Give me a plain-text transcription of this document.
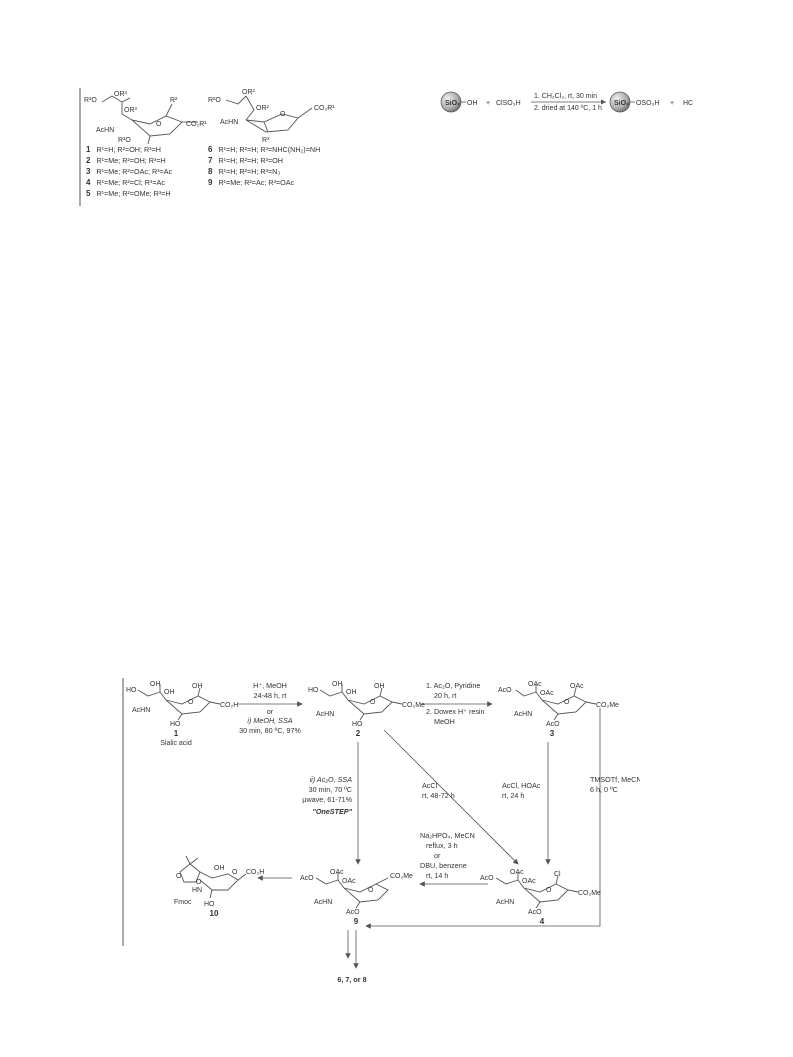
R³O
OR³
OR³
R²
AcHN
R³O
O	CO₂R¹
R²O
OR²
OR²	CO₂R¹
AcHN
O
R³
1 R¹=H; R²=OH; R³=H
2 R¹=Me; R²=OH; R³=H
3 R¹=Me; R²=OAc; R³=Ac
4 R¹=Me; R²=Cl; R³=Ac
5 R¹=Me; R²=OMe; R³=H
6 R¹=H; R²=H; R³=NHC(NH₂)=NH
7 R¹=H; R²=H; R³=OH
8 R¹=H; R²=H; R³=N₃
9 R¹=Me; R²=Ac; R³=OAc
SiO₂ OH + ClSO₃H
1. CH₂Cl₂, rt, 30 min
2. dried at 140 ºC, 1 h
SiO₂ OSO₃H + HC
HO
OH
OH
OH
AcHN
HO
O	CO₂H
1
Sialic acid
H⁺, MeOH
24-48 h, rt
or
i) MeOH, SSA
30 min, 80 ºC, 97%
HO
OH
OH
OH
AcHN
HO
O	CO₂Me
2
1. Ac₂O, Pyridine
20 h, rt
2. Dowex H⁺ resin
MeOH
AcO
OAc
OAc
OAc
AcHN
AcO
O	CO₂Me
3
ii) Ac₂O, SSA
30 min, 70 ºC
μwave, 61-71%
"OneSTEP"
AcCl
rt, 48-72 h
AcCl, HOAc
rt, 24 h
TMSOTf, MeCN
6 h, 0 ºC
AcO
OAc
OAc
Cl
AcHN
AcO
O	CO₂Me
4
Na₂HPO₄, MeCN
reflux, 3 h
or
DBU, benzene
rt, 14 h
AcO
OAc
OAc
CO₂Me
AcHN
AcO
O
9
O
O
OH
HN
Fmoc HO
O CO₂H
10
6, 7, or 8
